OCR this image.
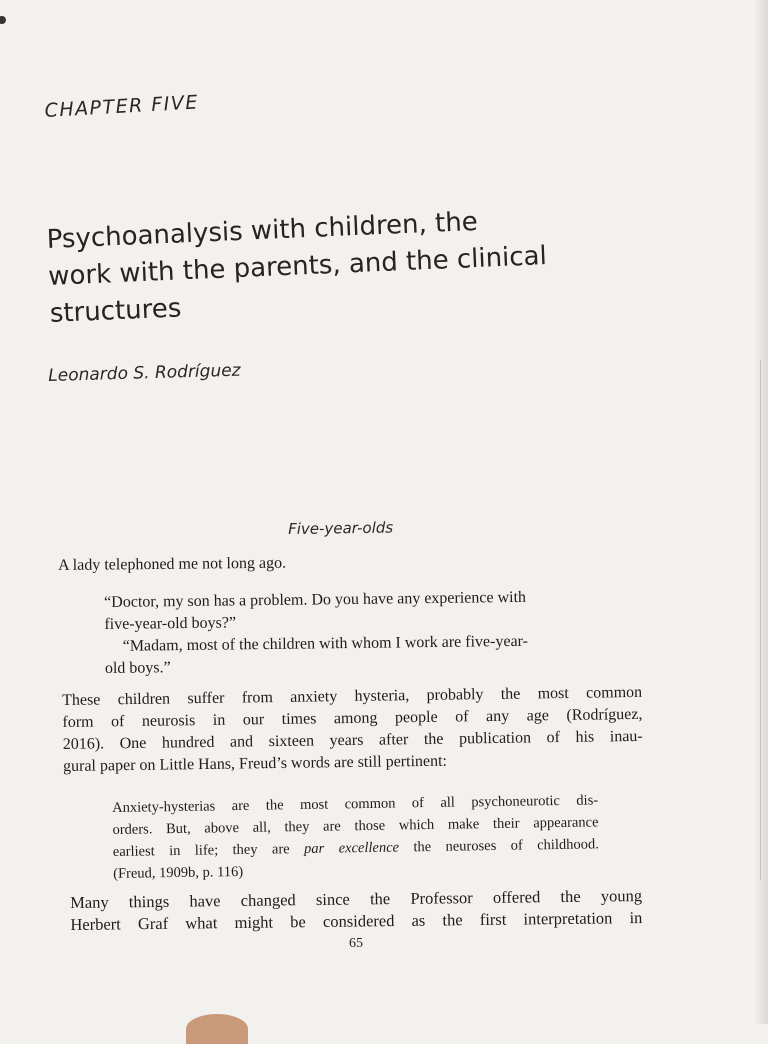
CHAPTER FIVE
Psychoanalysis with children, the
work with the parents, and the clinical
structures
Leonardo S. Rodríguez
Five-year-olds
A lady telephoned me not long ago.
“Doctor, my son has a problem. Do you have any experience with
five-year-old boys?”
“Madam, most of the children with whom I work are five-year-
old boys.”
These children suffer from anxiety hysteria, probably the most common
form of neurosis in our times among people of any age (Rodríguez,
2016). One hundred and sixteen years after the publication of his inau-
gural paper on Little Hans, Freud’s words are still pertinent:
Anxiety-hysterias are the most common of all psychoneurotic dis-
orders. But, above all, they are those which make their appearance
earliest in life; they are par excellence the neuroses of childhood.
(Freud, 1909b, p. 116)
Many things have changed since the Professor offered the young
Herbert Graf what might be considered as the first interpretation in
65
